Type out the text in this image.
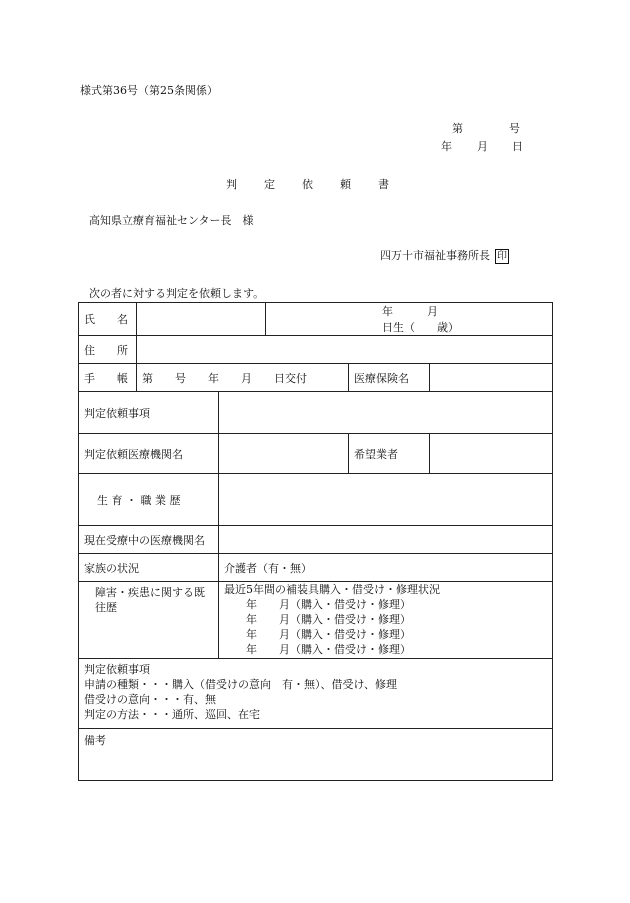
様式第36号（第25条関係）
第	号
年 月 日
判 定 依 頼 書
高知県立療育福祉センター長　様
四万十市福祉事務所長 印
次の者に対する判定を依頼します。
氏　　名			年 月日生（　　歳）		
住　　所					
手　　帳	第　　号　　年　　月　　日交付			医療保険名	
判定依頼事項					
判定依頼医療機関名				希望業者	
生 育 ・ 職 業 歴					
現在受療中の医療機関名					
家族の状況		介護者（有・無）			
障害・疾患に関する既往歴		最近5年間の補装具購入・借受け・修理状況
年　　月（購入・借受け・修理）
年　　月（購入・借受け・修理）
年　　月（購入・借受け・修理）
年　　月（購入・借受け・修理）			

判定依頼事項
申請の種類・・・購入（借受けの意向　有・無）、借受け、修理
借受けの意向・・・有、無
判定の方法・・・通所、巡回、在宅					

備考					
